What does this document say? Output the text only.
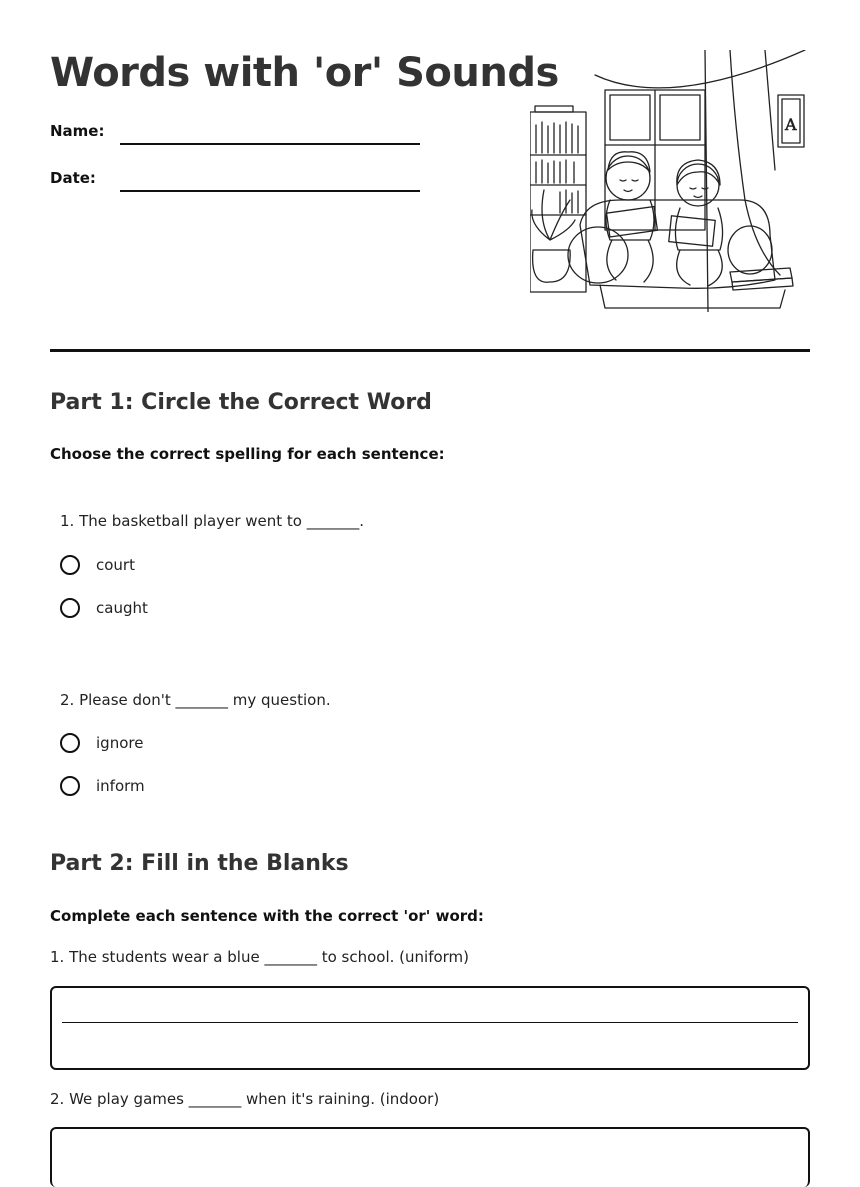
Words with 'or' Sounds
Name:
Date:
A
Part 1: Circle the Correct Word
Choose the correct spelling for each sentence:
1. The basketball player went to _______.
court
caught
2. Please don't _______ my question.
ignore
inform
Part 2: Fill in the Blanks
Complete each sentence with the correct 'or' word:
1. The students wear a blue _______ to school. (uniform)
2. We play games _______ when it's raining. (indoor)
